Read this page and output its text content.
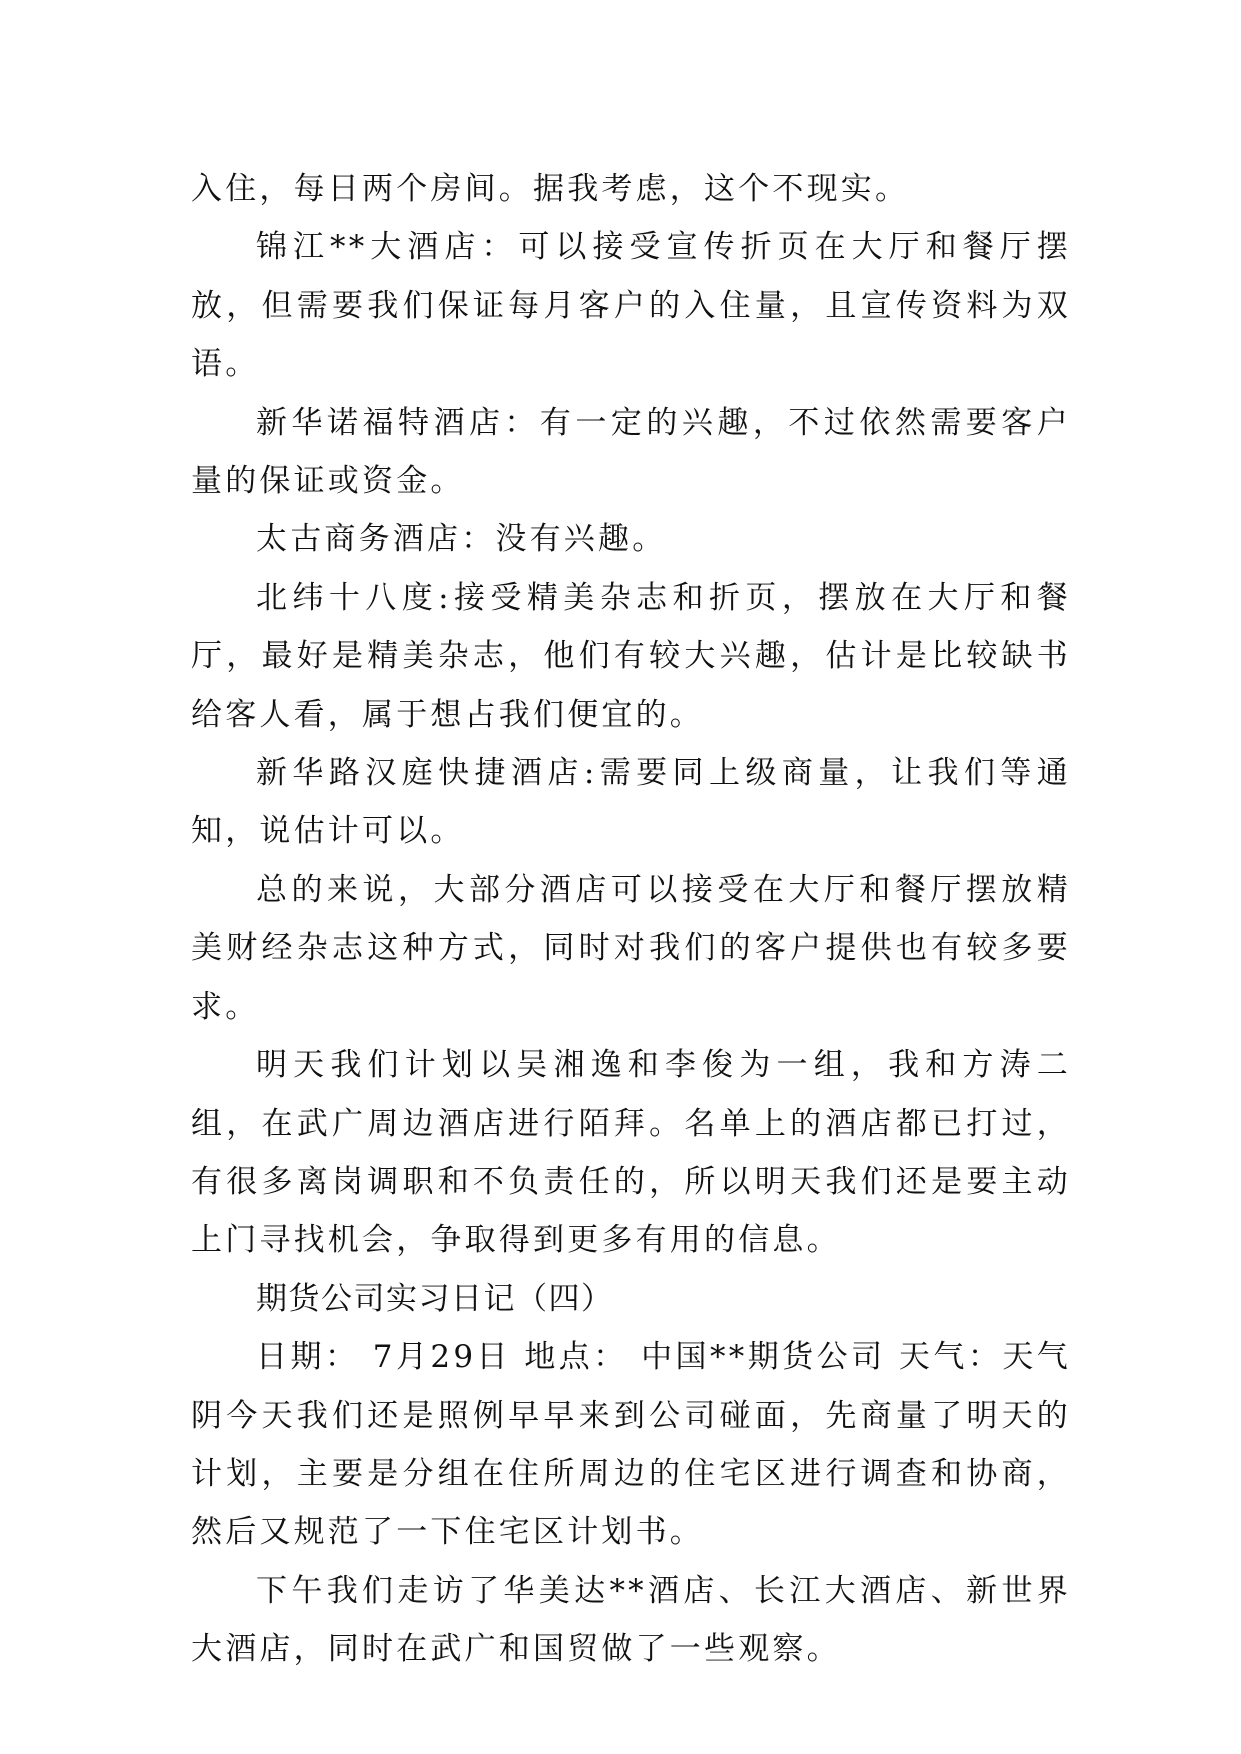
入住，每日两个房间。据我考虑，这个不现实。

锦江**大酒店：可以接受宣传折页在大厅和餐厅摆放，但需要我们保证每月客户的入住量，且宣传资料为双语。

新华诺福特酒店：有一定的兴趣，不过依然需要客户量的保证或资金。

太古商务酒店：没有兴趣。

北纬十八度:接受精美杂志和折页，摆放在大厅和餐厅，最好是精美杂志，他们有较大兴趣，估计是比较缺书给客人看，属于想占我们便宜的。

新华路汉庭快捷酒店:需要同上级商量，让我们等通知，说估计可以。

总的来说，大部分酒店可以接受在大厅和餐厅摆放精美财经杂志这种方式，同时对我们的客户提供也有较多要求。

明天我们计划以吴湘逸和李俊为一组，我和方涛二组，在武广周边酒店进行陌拜。名单上的酒店都已打过，有很多离岗调职和不负责任的，所以明天我们还是要主动上门寻找机会，争取得到更多有用的信息。

期货公司实习日记（四）

日期： 7月29日 地点： 中国**期货公司 天气：天气阴今天我们还是照例早早来到公司碰面，先商量了明天的计划，主要是分组在住所周边的住宅区进行调查和协商，然后又规范了一下住宅区计划书。

下午我们走访了华美达**酒店、长江大酒店、新世界大酒店，同时在武广和国贸做了一些观察。
